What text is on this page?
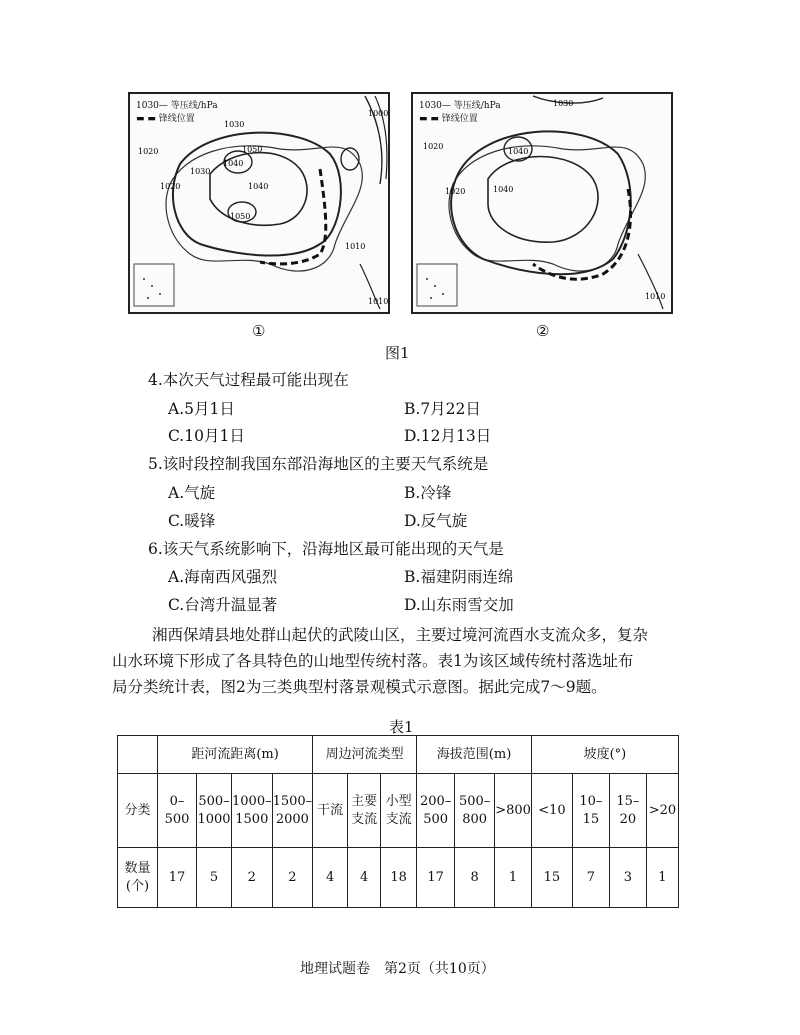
1030
1040
1050
1040
1030
1050
1020
1020
1000
1010
1010
1030— 等压线/hPa
▬ ▬ 锋线位置
1030
1040
1040
1020
1020
1010
1030— 等压线/hPa
▬ ▬ 锋线位置
①	②
图1
4.本次天气过程最可能出现在
A.5月1日	B.7月22日
C.10月1日	D.12月13日
5.该时段控制我国东部沿海地区的主要天气系统是
A.气旋	B.冷锋
C.暖锋	D.反气旋
6.该天气系统影响下，沿海地区最可能出现的天气是
A.海南西风强烈	B.福建阴雨连绵
C.台湾升温显著	D.山东雨雪交加
湘西保靖县地处群山起伏的武陵山区，主要过境河流酉水支流众多，复杂
山水环境下形成了各具特色的山地型传统村落。表1为该区域传统村落选址布
局分类统计表，图2为三类典型村落景观模式示意图。据此完成7～9题。
表1
	距河流距离(m)				周边河流类型			海拔范围(m)			坡度(°)			
分类	0–500	500–1000	1000–1500	1500–2000	干流	主要支流	小型支流	200–500	500–800	>800	<10	10–15	15–20	>20
数量(个)	17	5	2	2	4	4	18	17	8	1	15	7	3	1
地理试题卷　第2页（共10页）
